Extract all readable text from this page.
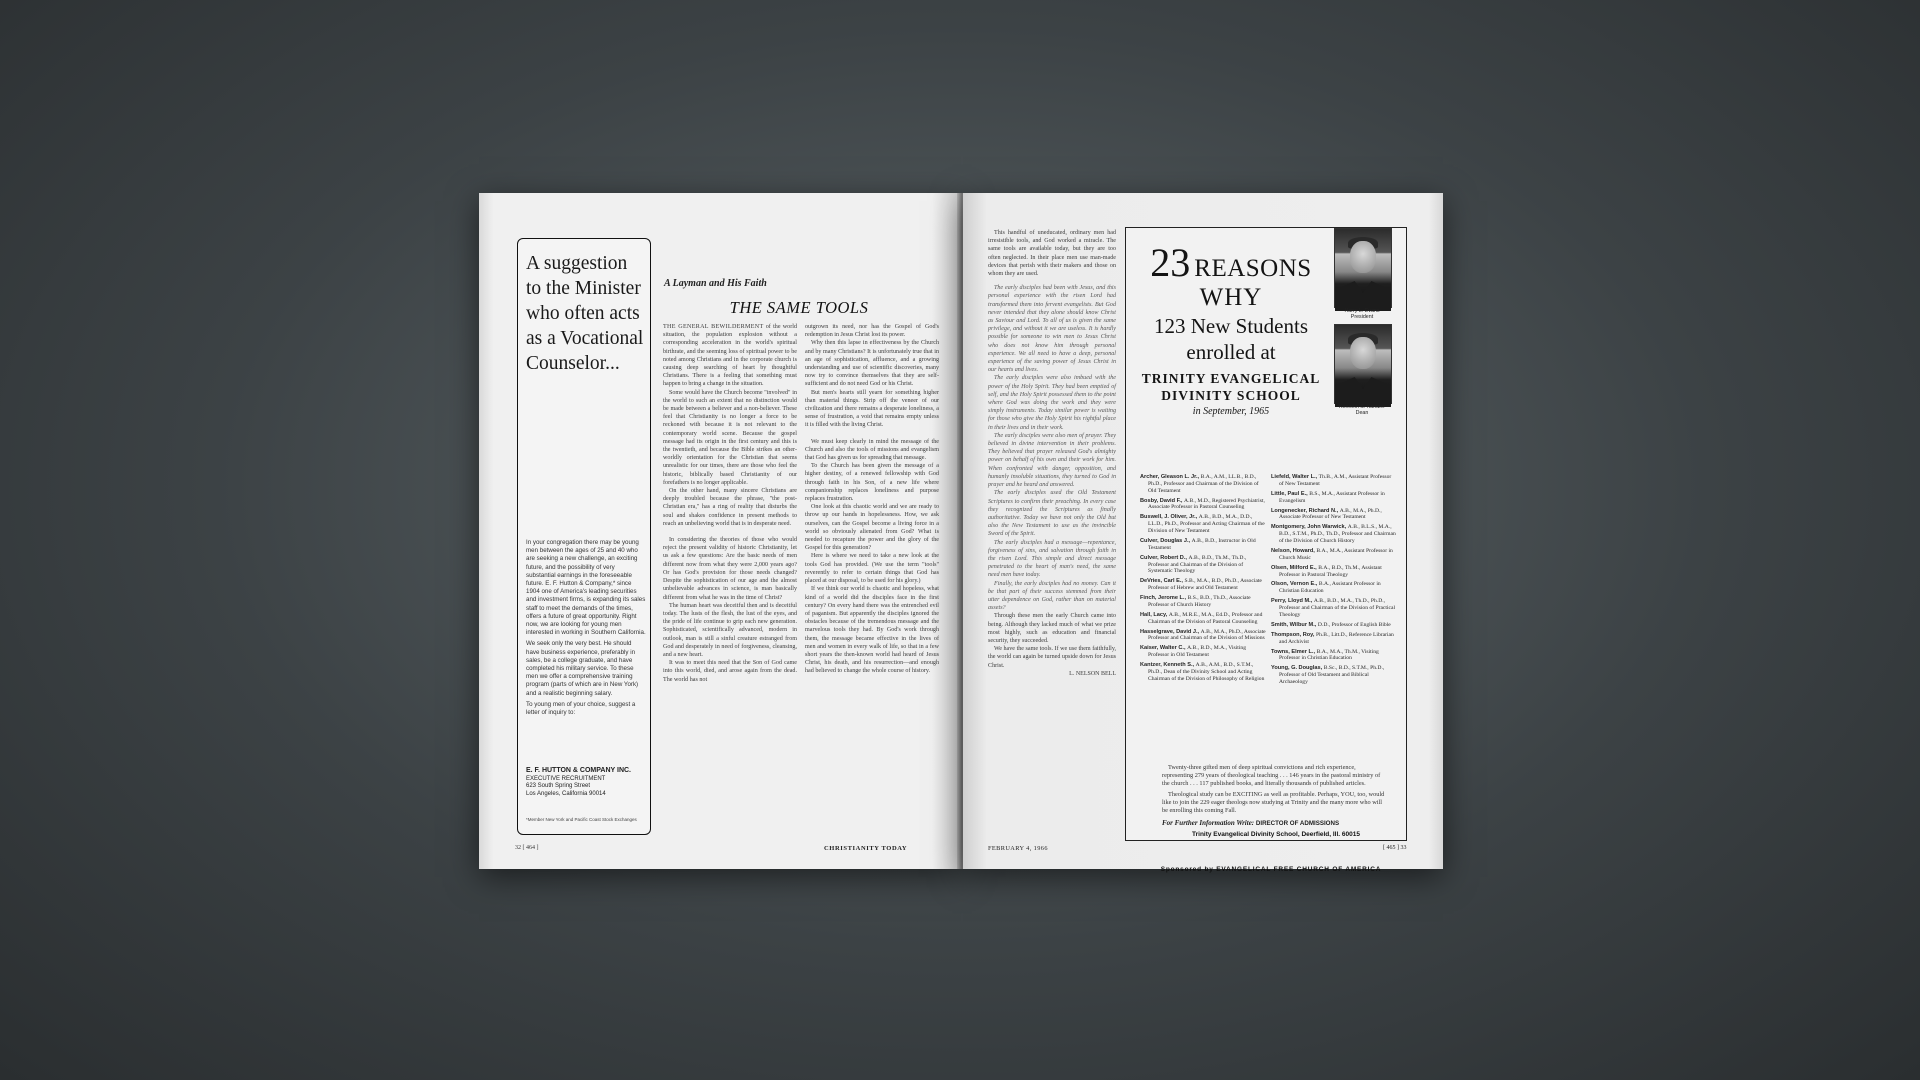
A suggestion to the Minister who often acts as a Vocational Counselor...

In your congregation there may be young men between the ages of 25 and 40 who are seeking a new challenge, an exciting future, and the possibility of very substantial earnings in the foreseeable future. E. F. Hutton & Company,* since 1904 one of America's leading securities and investment firms, is expanding its sales staff to meet the demands of the times, offers a future of great opportunity. Right now, we are looking for young men interested in working in Southern California.

We seek only the very best. He should have business experience, preferably in sales, be a college graduate, and have completed his military service. To these men we offer a comprehensive training program (parts of which are in New York) and a realistic beginning salary.

To young men of your choice, suggest a letter of inquiry to:

E. F. HUTTON & COMPANY INC.
EXECUTIVE RECRUITMENT
623 South Spring Street
Los Angeles, California 90014
*Member New York and Pacific Coast Stock Exchanges
A Layman and His Faith
THE SAME TOOLS

THE GENERAL BEWILDERMENT of the world situation, the population explosion without a corresponding acceleration in the world's spiritual birthrate, and the seeming loss of spiritual power to be noted among Christians and in the corporate church is causing deep searching of heart by thoughtful Christians. There is a feeling that something must happen to bring a change in the situation.

Some would have the Church become "involved" in the world to such an extent that no distinction would be made between a believer and a non-believer. These feel that Christianity is no longer a force to be reckoned with because it is not relevant to the contemporary world scene. Because the gospel message had its origin in the first century and this is the twentieth, and because the Bible strikes an other-worldly orientation for the Christian that seems unrealistic for our times, there are those who feel the historic, biblically based Christianity of our forefathers is no longer applicable.

On the other hand, many sincere Christians are deeply troubled because the phrase, "the post-Christian era," has a ring of reality that disturbs the soul and shakes confidence in present methods to reach an unbelieving world that is in desperate need.

In considering the theories of those who would reject the present validity of historic Christianity, let us ask a few questions: Are the basic needs of men different now from what they were 2,000 years ago? Or has God's provision for those needs changed? Despite the sophistication of our age and the almost unbelievable advances in science, is man basically different from what he was in the time of Christ?

The human heart was deceitful then and is deceitful today. The lusts of the flesh, the lust of the eyes, and the pride of life continue to grip each new generation. Sophisticated, scientifically advanced, modern in outlook, man is still a sinful creature estranged from God and desperately in need of forgiveness, cleansing, and a new heart.

It was to meet this need that the Son of God came into this world, died, and arose again from the dead. The world has not

outgrown its need, nor has the Gospel of God's redemption in Jesus Christ lost its power.

Why then this lapse in effectiveness by the Church and by many Christians? It is unfortunately true that in an age of sophistication, affluence, and a growing understanding and use of scientific discoveries, many now try to convince themselves that they are self-sufficient and do not need God or his Christ.

But men's hearts still yearn for something higher than material things. Strip off the veneer of our civilization and there remains a desperate loneliness, a sense of frustration, a void that remains empty unless it is filled with the living Christ.

We must keep clearly in mind the message of the Church and also the tools of missions and evangelism that God has given us for spreading that message.

To the Church has been given the message of a higher destiny, of a renewed fellowship with God through faith in his Son, of a new life where companionship replaces loneliness and purpose replaces frustration.

One look at this chaotic world and we are ready to throw up our hands in hopelessness. How, we ask ourselves, can the Gospel become a living force in a world so obviously alienated from God? What is needed to recapture the power and the glory of the Gospel for this generation?

Here is where we need to take a new look at the tools God has provided. (We use the term "tools" reverently to refer to certain things that God has placed at our disposal, to be used for his glory.)

If we think our world is chaotic and hopeless, what kind of a world did the disciples face in the first century? On every hand there was the entrenched evil of paganism. But apparently the disciples ignored the obstacles because of the tremendous message and the marvelous tools they had. By God's work through them, the message became effective in the lives of men and women in every walk of life, so that in a few short years the then-known world had heard of Jesus Christ, his death, and his resurrection—and enough had believed to change the whole course of history.

32 [ 464 ]	CHRISTIANITY TODAY

This handful of uneducated, ordinary men had irresistible tools, and God worked a miracle. The same tools are available today, but they are too often neglected. In their place men use man-made devices that perish with their makers and those on whom they are used.

The early disciples had been with Jesus, and this personal experience with the risen Lord had transformed them into fervent evangelists. But God never intended that they alone should know Christ as Saviour and Lord. To all of us is given the same privilege, and without it we are useless. It is hardly possible for someone to win men to Jesus Christ who does not know him through personal experience. We all need to have a deep, personal experience of the saving power of Jesus Christ in our hearts and lives.

The early disciples were also imbued with the power of the Holy Spirit. They had been emptied of self, and the Holy Spirit possessed them to the point where God was doing the work and they were simply instruments. Today similar power is waiting for those who give the Holy Spirit his rightful place in their lives and in their work.

The early disciples were also men of prayer. They believed in divine intervention in their problems. They believed that prayer released God's almighty power on behalf of his own and their work for him. When confronted with danger, opposition, and humanly insoluble situations, they turned to God in prayer and he heard and answered.

The early disciples used the Old Testament Scriptures to confirm their preaching. In every case they recognized the Scriptures as finally authoritative. Today we have not only the Old but also the New Testament to use as the invincible Sword of the Spirit.

The early disciples had a message—repentance, forgiveness of sins, and salvation through faith in the risen Lord. This simple and direct message penetrated to the heart of man's need, the same need men have today.

Finally, the early disciples had no money. Can it be that part of their success stemmed from their utter dependence on God, rather than on material assets?

Through these men the early Church came into being. Although they lacked much of what we prize most highly, such as education and financial security, they succeeded.

We have the same tools. If we use them faithfully, the world can again be turned upside down for Jesus Christ.

L. NELSON BELL

23 REASONS
WHY
123 New Students
enrolled at
TRINITY EVANGELICAL
DIVINITY SCHOOL
in September, 1965
Harry L. Evans
President
Kenneth S. Kantzer
Dean
Archer, Gleason L. Jr., B.A., A.M., LL.B., B.D., Ph.D., Professor and Chairman of the Division of Old Testament
Bosby, David F., A.B., M.D., Registered Psychiatrist, Associate Professor in Pastoral Counseling
Buswell, J. Oliver, Jr., A.B., B.D., M.A., D.D., LL.D., Ph.D., Professor and Acting Chairman of the Division of New Testament
Culver, Douglas J., A.B., B.D., Instructor in Old Testament
Culver, Robert D., A.B., B.D., Th.M., Th.D., Professor and Chairman of the Division of Systematic Theology
DeVries, Carl E., S.B., M.A., B.D., Ph.D., Associate Professor of Hebrew and Old Testament
Finch, Jerome L., B.S., B.D., Th.D., Associate Professor of Church History
Hall, Lacy, A.B., M.R.E., M.A., Ed.D., Professor and Chairman of the Division of Pastoral Counseling
Hasselgrave, David J., A.B., M.A., Ph.D., Associate Professor and Chairman of the Division of Missions
Kaiser, Walter C., A.B., B.D., M.A., Visiting Professor in Old Testament
Kantzer, Kenneth S., A.B., A.M., B.D., S.T.M., Ph.D., Dean of the Divinity School and Acting Chairman of the Division of Philosophy of Religion
Liefeld, Walter L., Th.B., A.M., Assistant Professor of New Testament
Little, Paul E., B.S., M.A., Assistant Professor in Evangelism
Longenecker, Richard N., A.B., M.A., Ph.D., Associate Professor of New Testament
Montgomery, John Warwick, A.B., B.L.S., M.A., B.D., S.T.M., Ph.D., Th.D., Professor and Chairman of the Division of Church History
Nelson, Howard, B.A., M.A., Assistant Professor in Church Music
Olsen, Milford E., B.A., B.D., Th.M., Assistant Professor in Pastoral Theology
Olson, Vernon E., B.A., Assistant Professor in Christian Education
Perry, Lloyd M., A.B., B.D., M.A., Th.D., Ph.D., Professor and Chairman of the Division of Practical Theology
Smith, Wilbur M., D.D., Professor of English Bible
Thompson, Roy, Ph.B., Litt.D., Reference Librarian and Archivist
Towns, Elmer L., B.A., M.A., Th.M., Visiting Professor in Christian Education
Young, G. Douglas, B.Sc., B.D., S.T.M., Ph.D., Professor of Old Testament and Biblical Archaeology

Twenty-three gifted men of deep spiritual convictions and rich experience, representing 279 years of theological teaching . . . 146 years in the pastoral ministry of the church . . . 117 published books, and literally thousands of published articles.

Theological study can be EXCITING as well as profitable. Perhaps, YOU, too, would like to join the 229 eager theologs now studying at Trinity and the many more who will be enrolling this coming Fall.

For Further Information Write: DIRECTOR OF ADMISSIONS
Trinity Evangelical Divinity School, Deerfield, Ill. 60015
Sponsored by EVANGELICAL FREE CHURCH OF AMERICA
FEBRUARY 4, 1966	[ 465 ] 33
